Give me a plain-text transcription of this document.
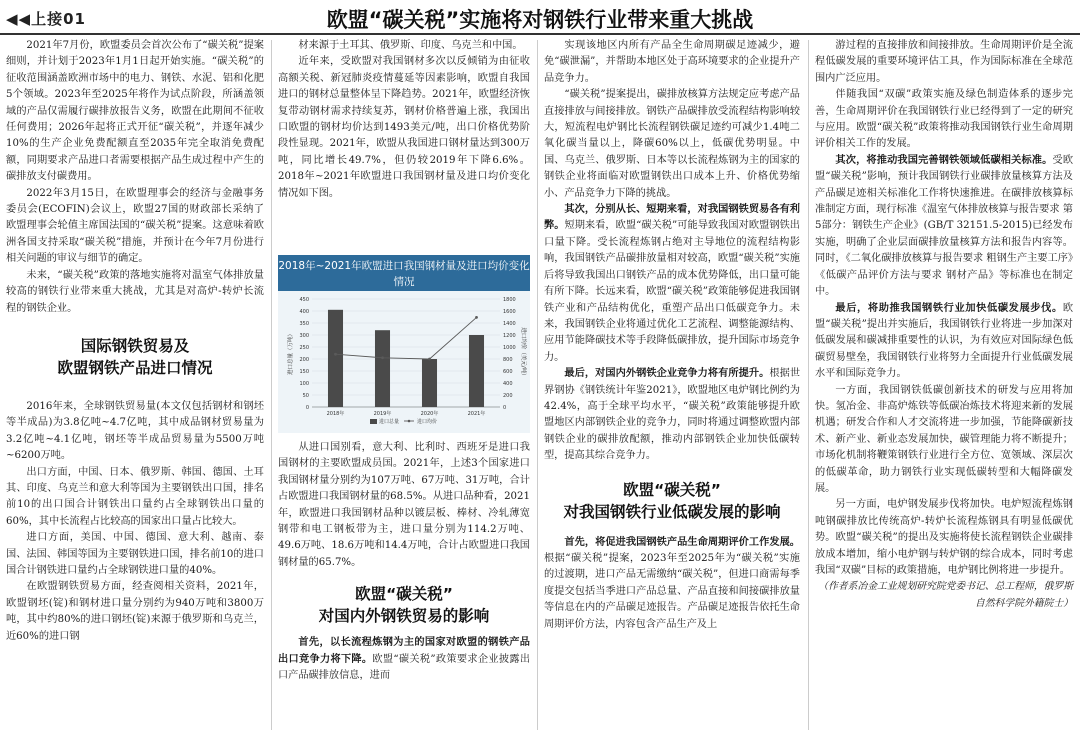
◀◀上接01	欧盟“碳关税”实施将对钢铁行业带来重大挑战

2021年7月份，欧盟委员会首次公布了“碳关税”提案细则，并计划于2023年1月1日起开始实施。“碳关税”的征收范围涵盖欧洲市场中的电力、钢铁、水泥、铝和化肥5个领域。2023年至2025年将作为试点阶段，所涵盖领域的产品仅需履行碳排放报告义务，欧盟在此期间不征收任何费用；2026年起将正式开征“碳关税”，并逐年减少10%的生产企业免费配额直至2035年完全取消免费配额，同期要求产品进口者需要根据产品生成过程中产生的碳排放支付碳费用。

2022年3月15日，在欧盟理事会的经济与金融事务委员会(ECOFIN)会议上，欧盟27国的财政部长采纳了欧盟理事会轮值主席国法国的“碳关税”提案。这意味着欧洲各国支持采取“碳关税”措施，并预计在今年7月份进行相关问题的审议与细节的确定。

未来，“碳关税”政策的落地实施将对温室气体排放量较高的钢铁行业带来重大挑战，尤其是对高炉-转炉长流程的钢铁企业。

国际钢铁贸易及
欧盟钢铁产品进口情况

2016年来，全球钢铁贸易量(本文仅包括钢材和钢坯等半成品)为3.8亿吨~4.7亿吨，其中成品钢材贸易量为3.2亿吨~4.1亿吨，钢坯等半成品贸易量为5500万吨~6200万吨。

出口方面，中国、日本、俄罗斯、韩国、德国、土耳其、印度、乌克兰和意大利等国为主要钢铁出口国，排名前10的出口国合计钢铁出口量约占全球钢铁出口量的60%，其中长流程占比较高的国家出口量占比较大。

进口方面，美国、中国、德国、意大利、越南、泰国、法国、韩国等国为主要钢铁进口国，排名前10的进口国合计钢铁进口量约占全球钢铁进口量的40%。

在欧盟钢铁贸易方面，经查阅相关资料，2021年，欧盟钢坯(锭)和钢材进口量分别约为940万吨和3800万吨，其中约80%的进口钢坯(锭)来源于俄罗斯和乌克兰，近60%的进口钢

材来源于土耳其、俄罗斯、印度、乌克兰和中国。

近年来，受欧盟对我国钢材多次以反倾销为由征收高额关税、新冠肺炎疫情蔓延等因素影响，欧盟自我国进口的钢材总量整体呈下降趋势。2021年，欧盟经济恢复带动钢材需求持续复苏，钢材价格普遍上涨，我国出口欧盟的钢材均价达到1493美元/吨，出口价格优势阶段性显现。2021年，欧盟从我国进口钢材量达到300万吨，同比增长49.7%，但仍较2019年下降6.6%。2018年~2021年欧盟进口我国钢材量及进口均价变化情况如下图。

2018年~2021年欧盟进口我国钢材量及进口均价变化情况
0
50
100
150
200
250
300
350
400
450
0
200
400
600
800
1000
1200
1400
1600
1800
进口总量（万吨）	进口均价（美元/吨）
2018年	2019年	2020年	2021年
进口总量	进口均价

从进口国别看，意大利、比利时、西班牙是进口我国钢材的主要欧盟成员国。2021年，上述3个国家进口我国钢材量分别约为107万吨、67万吨、31万吨，合计占欧盟进口我国钢材量的68.5%。从进口品种看，2021年，欧盟进口我国钢材品种以镀层板、棒材、冷轧薄宽钢带和电工钢板带为主，进口量分别为114.2万吨、49.6万吨、18.6万吨和14.4万吨，合计占欧盟进口我国钢材量的65.7%。

欧盟“碳关税”
对国内外钢铁贸易的影响

首先，以长流程炼钢为主的国家对欧盟的钢铁产品出口竞争力将下降。欧盟“碳关税”政策要求企业披露出口产品碳排放信息，进而

实现该地区内所有产品全生命周期碳足迹减少，避免“碳泄漏”，并帮助本地区处于高环境要求的企业提升产品竞争力。

“碳关税”提案提出，碳排放核算方法规定应考虑产品直接排放与间接排放。钢铁产品碳排放受流程结构影响较大，短流程电炉钢比长流程钢铁碳足迹约可减少1.4吨二氧化碳当量以上，降碳60%以上，低碳优势明显。中国、乌克兰、俄罗斯、日本等以长流程炼钢为主的国家的钢铁企业将面临对欧盟钢铁出口成本上升、价格优势缩小、产品竞争力下降的挑战。

其次，分别从长、短期来看，对我国钢铁贸易各有利弊。短期来看，欧盟“碳关税”可能导致我国对欧盟钢铁出口量下降。受长流程炼钢占绝对主导地位的流程结构影响，我国钢铁产品碳排放量相对较高，欧盟“碳关税”实施后将导致我国出口钢铁产品的成本优势降低，出口量可能有所下降。长远来看，欧盟“碳关税”政策能够促进我国钢铁产业和产品结构优化，重塑产品出口低碳竞争力。未来，我国钢铁企业将通过优化工艺流程、调整能源结构、应用节能降碳技术等手段降低碳排放，提升国际市场竞争力。

最后，对国内外钢铁企业竞争力将有所提升。根据世界钢协《钢铁统计年鉴2021》，欧盟地区电炉钢比例约为42.4%，高于全球平均水平，“碳关税”政策能够提升欧盟地区内部钢铁企业的竞争力，同时将通过调整欧盟内部钢铁企业的碳排放配额，推动内部钢铁企业加快低碳转型，提高其综合竞争力。

欧盟“碳关税”
对我国钢铁行业低碳发展的影响

首先，将促进我国钢铁产品生命周期评价工作发展。根据“碳关税”提案，2023年至2025年为“碳关税”实施的过渡期，进口产品无需缴纳“碳关税”，但进口商需每季度提交包括当季进口产品总量、产品直接和间接碳排放量等信息在内的产品碳足迹报告。产品碳足迹报告依托生命周期评价方法，内容包含产品生产及上

游过程的直接排放和间接排放。生命周期评价是全流程低碳发展的重要环境评估工具，作为国际标准在全球范围内广泛应用。

伴随我国“双碳”政策实施及绿色制造体系的逐步完善，生命周期评价在我国钢铁行业已经得到了一定的研究与应用。欧盟“碳关税”政策将推动我国钢铁行业生命周期评价相关工作的发展。

其次，将推动我国完善钢铁领域低碳相关标准。受欧盟“碳关税”影响，预计我国钢铁行业碳排放量核算方法及产品碳足迹相关标准化工作将快速推进。在碳排放核算标准制定方面，现行标准《温室气体排放核算与报告要求 第5部分：钢铁生产企业》(GB/T 32151.5-2015)已经发布实施，明确了企业层面碳排放量核算方法和报告内容等。同时，《二氧化碳排放核算与报告要求 粗钢生产主要工序》《低碳产品评价方法与要求 钢材产品》等标准也在制定中。

最后，将助推我国钢铁行业加快低碳发展步伐。欧盟“碳关税”提出并实施后，我国钢铁行业将进一步加深对低碳发展和碳减排重要性的认识，为有效应对国际绿色低碳贸易壁垒，我国钢铁行业将努力全面提升行业低碳发展水平和国际竞争力。

一方面，我国钢铁低碳创新技术的研发与应用将加快。氢冶金、非高炉炼铁等低碳冶炼技术将迎来新的发展机遇；研发合作和人才交流将进一步加强，节能降碳新技术、新产业、新业态发展加快，碳管理能力将不断提升；市场化机制将鞭策钢铁行业进行全方位、宽领域、深层次的低碳革命，助力钢铁行业实现低碳转型和大幅降碳发展。

另一方面，电炉钢发展步伐将加快。电炉短流程炼钢吨钢碳排放比传统高炉-转炉长流程炼钢具有明显低碳优势。欧盟“碳关税”的提出及实施将使长流程钢铁企业碳排放成本增加，缩小电炉钢与转炉钢的综合成本，同时考虑我国“双碳”目标的政策措施，电炉钢比例将进一步提升。

（作者系冶金工业规划研究院党委书记、总工程师，俄罗斯自然科学院外籍院士）
